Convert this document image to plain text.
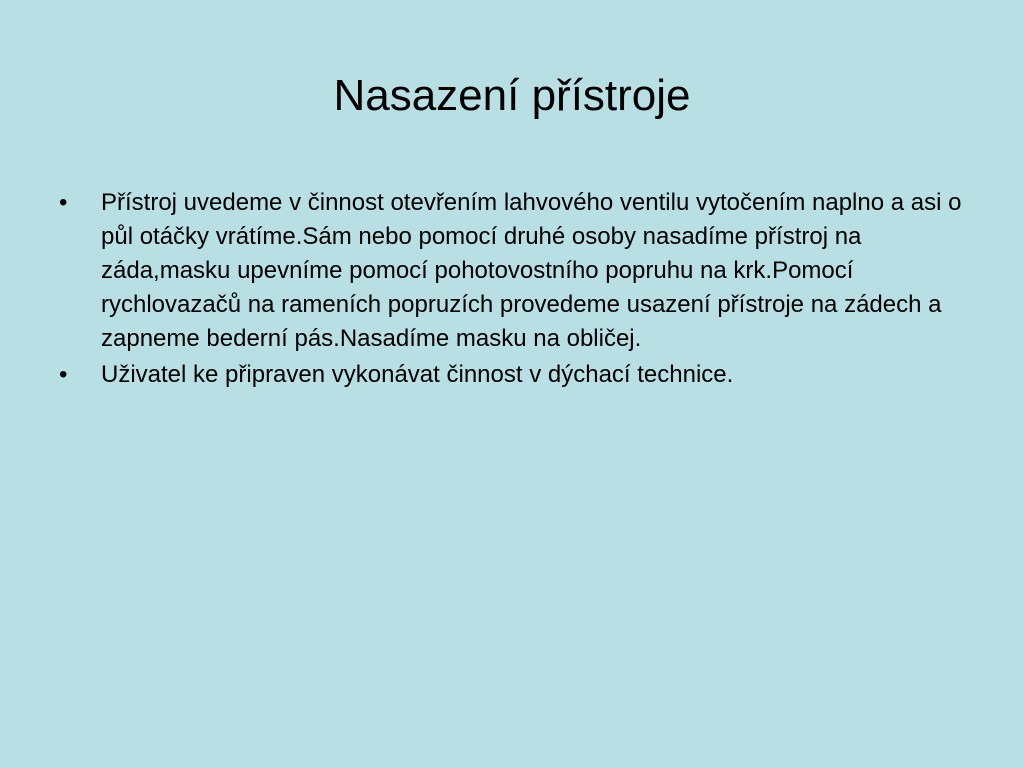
Nasazení přístroje
• Přístroj uvedeme v činnost otevřením lahvového ventilu vytočením naplno a asi o půl otáčky vrátíme.Sám nebo pomocí druhé osoby nasadíme přístroj na záda,masku upevníme pomocí pohotovostního popruhu na krk.Pomocí rychlovazačů na rameních popruzích provedeme usazení přístroje na zádech a zapneme bederní pás.Nasadíme masku na obličej.
• Uživatel ke připraven vykonávat činnost v dýchací technice.
